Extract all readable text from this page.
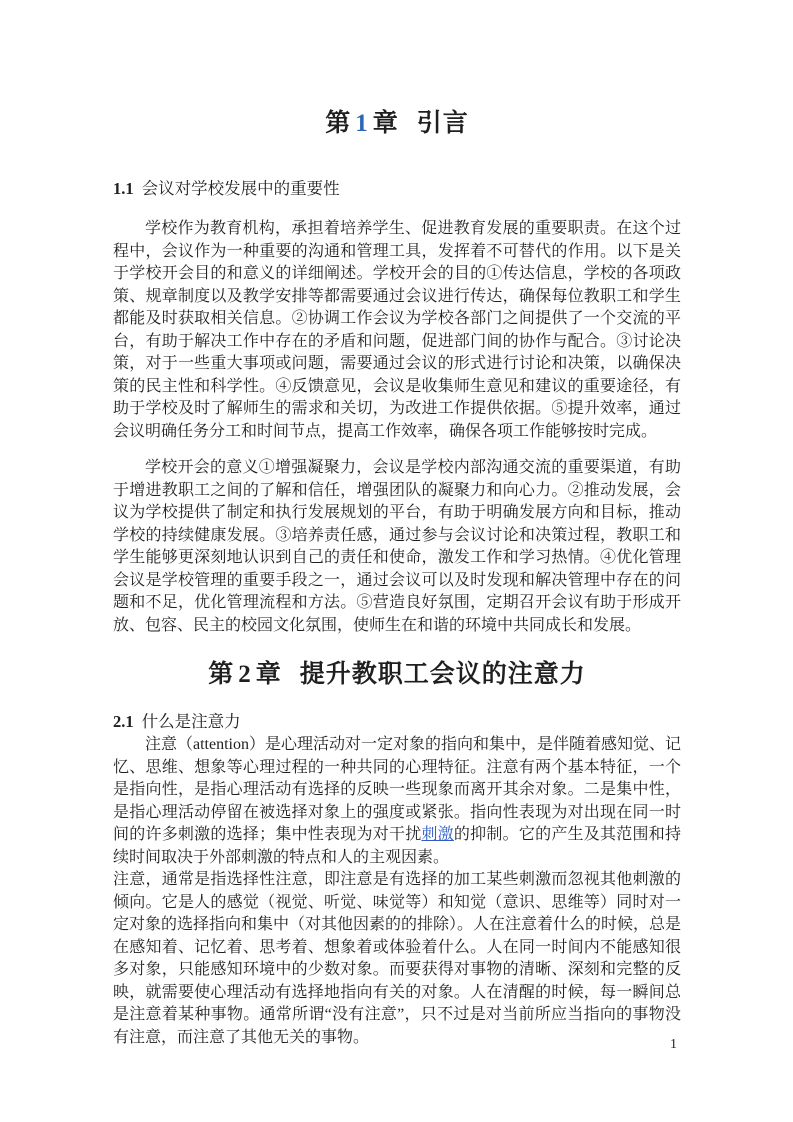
第 1 章 引言
1.1 会议对学校发展中的重要性

学校作为教育机构，承担着培养学生、促进教育发展的重要职责。在这个过程中，会议作为一种重要的沟通和管理工具，发挥着不可替代的作用。以下是关于学校开会目的和意义的详细阐述。学校开会的目的①传达信息，学校的各项政策、规章制度以及教学安排等都需要通过会议进行传达，确保每位教职工和学生都能及时获取相关信息。②协调工作会议为学校各部门之间提供了一个交流的平台，有助于解决工作中存在的矛盾和问题，促进部门间的协作与配合。③讨论决策，对于一些重大事项或问题，需要通过会议的形式进行讨论和决策，以确保决策的民主性和科学性。④反馈意见，会议是收集师生意见和建议的重要途径，有助于学校及时了解师生的需求和关切，为改进工作提供依据。⑤提升效率，通过会议明确任务分工和时间节点，提高工作效率，确保各项工作能够按时完成。

学校开会的意义①增强凝聚力，会议是学校内部沟通交流的重要渠道，有助于增进教职工之间的了解和信任，增强团队的凝聚力和向心力。②推动发展，会议为学校提供了制定和执行发展规划的平台，有助于明确发展方向和目标，推动学校的持续健康发展。③培养责任感，通过参与会议讨论和决策过程，教职工和学生能够更深刻地认识到自己的责任和使命，激发工作和学习热情。④优化管理会议是学校管理的重要手段之一，通过会议可以及时发现和解决管理中存在的问题和不足，优化管理流程和方法。⑤营造良好氛围，定期召开会议有助于形成开放、包容、民主的校园文化氛围，使师生在和谐的环境中共同成长和发展。

第 2 章 提升教职工会议的注意力
2.1 什么是注意力

注意（attention）是心理活动对一定对象的指向和集中，是伴随着感知觉、记忆、思维、想象等心理过程的一种共同的心理特征。注意有两个基本特征，一个是指向性，是指心理活动有选择的反映一些现象而离开其余对象。二是集中性，是指心理活动停留在被选择对象上的强度或紧张。指向性表现为对出现在同一时间的许多刺激的选择；集中性表现为对干扰刺激的抑制。它的产生及其范围和持续时间取决于外部刺激的特点和人的主观因素。

注意，通常是指选择性注意，即注意是有选择的加工某些刺激而忽视其他刺激的倾向。它是人的感觉（视觉、听觉、味觉等）和知觉（意识、思维等）同时对一定对象的选择指向和集中（对其他因素的的排除）。人在注意着什么的时候，总是在感知着、记忆着、思考着、想象着或体验着什么。人在同一时间内不能感知很多对象，只能感知环境中的少数对象。而要获得对事物的清晰、深刻和完整的反映，就需要使心理活动有选择地指向有关的对象。人在清醒的时候，每一瞬间总是注意着某种事物。通常所谓“没有注意”，只不过是对当前所应当指向的事物没有注意，而注意了其他无关的事物。	1
